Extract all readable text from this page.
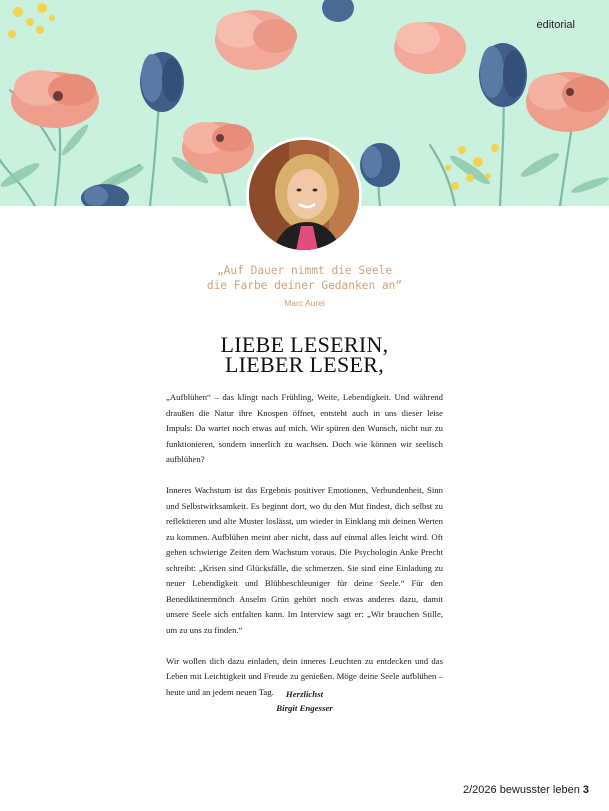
editorial
„Auf Dauer nimmt die Seele
die Farbe deiner Gedanken an“
Marc Aurel
LIEBE LESERIN,
LIEBER LESER,

„Aufblühen“ – das klingt nach Frühling, Weite, Lebendigkeit. Und während draußen die Natur ihre Knospen öffnet, entsteht auch in uns dieser leise Impuls: Da wartet noch etwas auf mich. Wir spüren den Wunsch, nicht nur zu funktionieren, sondern innerlich zu wachsen. Doch wie können wir seelisch aufblühen?

Inneres Wachstum ist das Ergebnis positiver Emotionen, Verbundenheit, Sinn und Selbstwirksamkeit. Es beginnt dort, wo du den Mut findest, dich selbst zu reflektieren und alte Muster loslässt, um wieder in Einklang mit deinen Werten zu kommen. Aufblühen meint aber nicht, dass auf einmal alles leicht wird. Oft gehen schwierige Zeiten dem Wachstum voraus. Die Psychologin Anke Precht schreibt: „Krisen sind Glücksfälle, die schmerzen. Sie sind eine Einladung zu neuer Lebendigkeit und Blühbeschleuniger für deine Seele.“ Für den Benediktinermönch Anselm Grün gehört noch etwas anderes dazu, damit unsere Seele sich entfalten kann. Im Interview sagt er: „Wir brauchen Stille, um zu uns zu finden.“

Wir wollen dich dazu einladen, dein inneres Leuchten zu entdecken und das Leben mit Leichtigkeit und Freude zu genießen. Möge deine Seele aufblühen – heute und an jedem neuen Tag.	Herzlichst
Birgit Engesser
2/2026 bewusster leben 3
